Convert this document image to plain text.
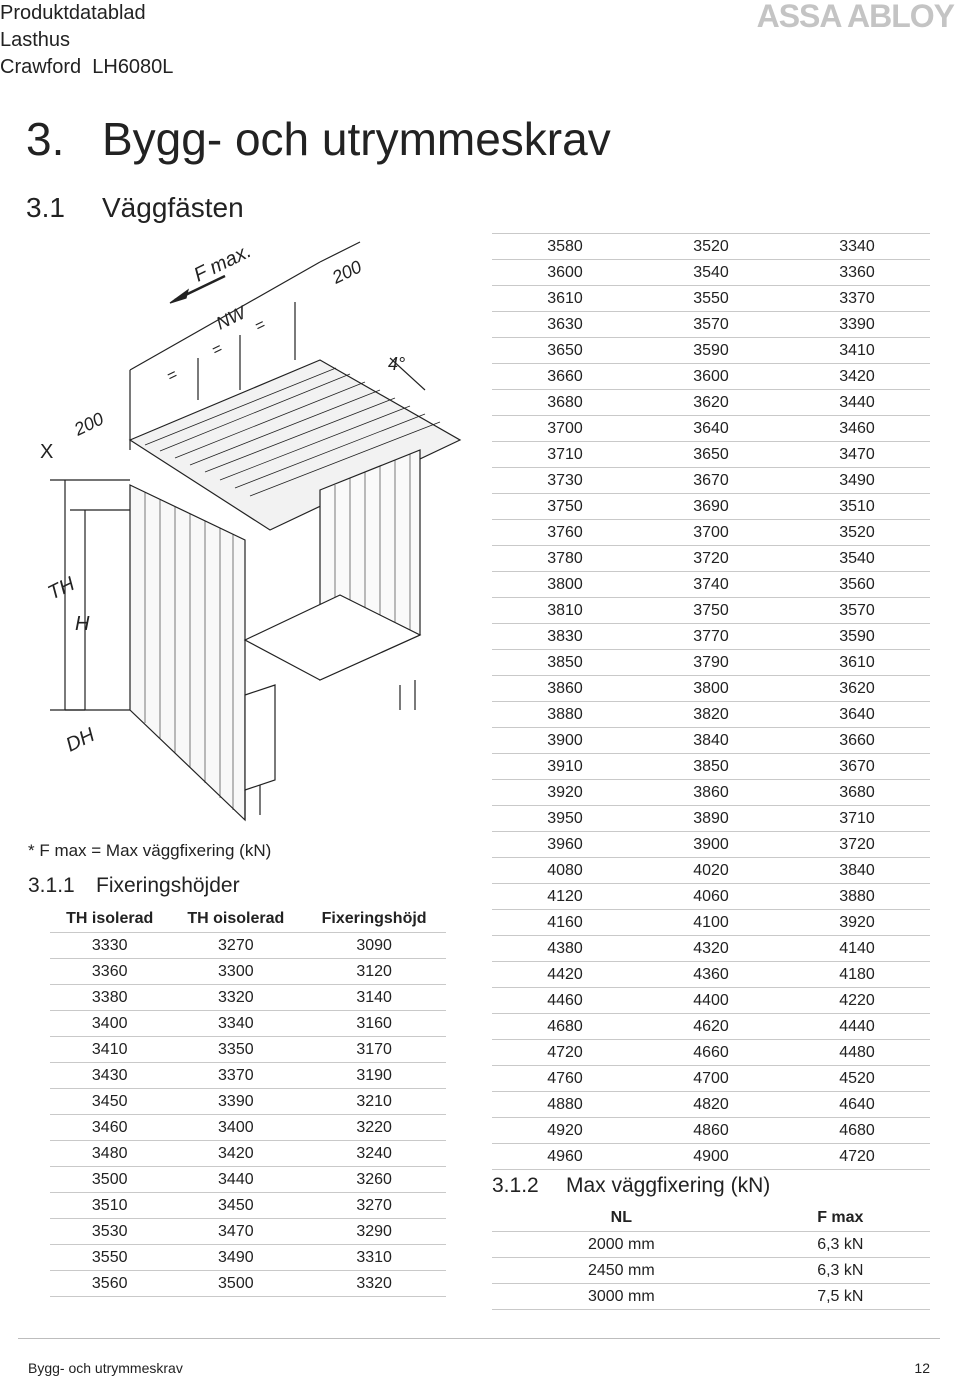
Produktdatablad
Lasthus
Crawford  LH6080L
ASSA ABLOY
3. Bygg- och utrymmeskrav
3.1 Väggfästen
F max.
NW
200
4°
X
200
TH
H
DH
=
=
=
* F max = Max väggfixering (kN)
3.1.1 Fixeringshöjder
TH isolerad	TH oisolerad	Fixeringshöjd
3330	3270	3090
3360	3300	3120
3380	3320	3140
3400	3340	3160
3410	3350	3170
3430	3370	3190
3450	3390	3210
3460	3400	3220
3480	3420	3240
3500	3440	3260
3510	3450	3270
3530	3470	3290
3550	3490	3310
3560	3500	3320
3580	3520	3340
3600	3540	3360
3610	3550	3370
3630	3570	3390
3650	3590	3410
3660	3600	3420
3680	3620	3440
3700	3640	3460
3710	3650	3470
3730	3670	3490
3750	3690	3510
3760	3700	3520
3780	3720	3540
3800	3740	3560
3810	3750	3570
3830	3770	3590
3850	3790	3610
3860	3800	3620
3880	3820	3640
3900	3840	3660
3910	3850	3670
3920	3860	3680
3950	3890	3710
3960	3900	3720
4080	4020	3840
4120	4060	3880
4160	4100	3920
4380	4320	4140
4420	4360	4180
4460	4400	4220
4680	4620	4440
4720	4660	4480
4760	4700	4520
4880	4820	4640
4920	4860	4680
4960	4900	4720
3.1.2 Max väggfixering (kN)
NL	F max
2000 mm	6,3 kN
2450 mm	6,3 kN
3000 mm	7,5 kN
Bygg- och utrymmeskrav	12
